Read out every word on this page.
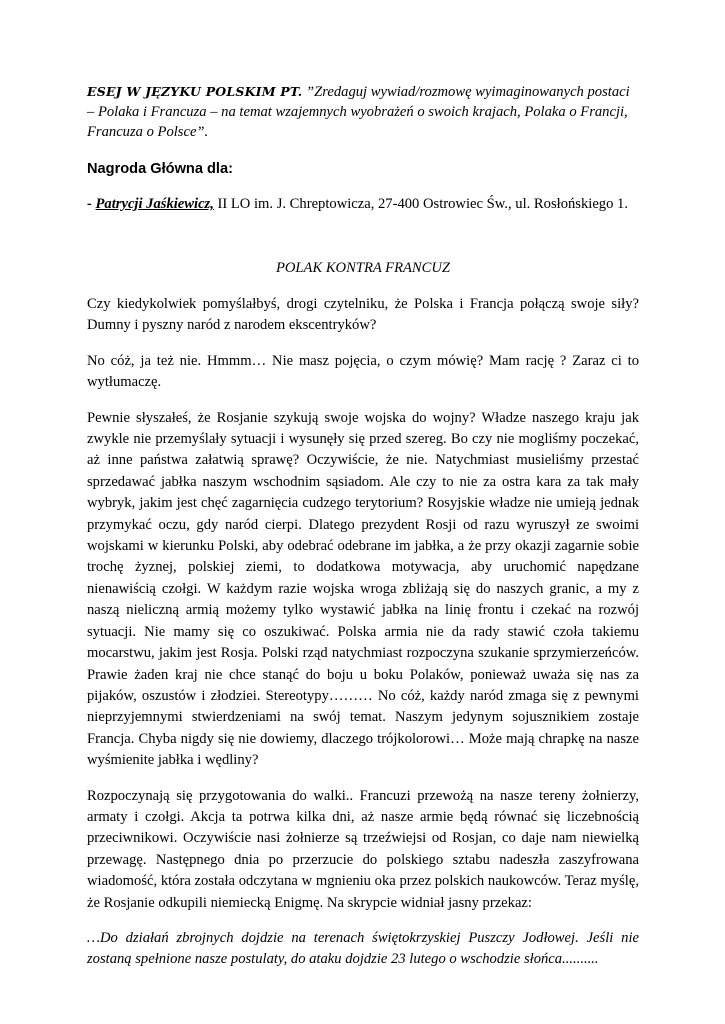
ESEJ W JĘZYKU POLSKIM PT. ”Zredaguj wywiad/rozmowę wyimaginowanych postaci – Polaka i Francuza – na temat wzajemnych wyobrażeń o swoich krajach, Polaka o Francji, Francuza o Polsce”.

Nagroda Główna dla:

- Patrycji Jaśkiewicz, II LO im. J. Chreptowicza, 27-400 Ostrowiec Św., ul. Rosłońskiego 1.

POLAK KONTRA FRANCUZ

Czy kiedykolwiek pomyślałbyś, drogi czytelniku, że Polska i Francja połączą swoje siły? Dumny i pyszny naród z narodem ekscentryków?

No cóż, ja też nie. Hmmm… Nie masz pojęcia, o czym mówię? Mam rację ? Zaraz ci to wytłumaczę.

Pewnie słyszałeś, że Rosjanie szykują swoje wojska do wojny? Władze naszego kraju jak zwykle nie przemyślały sytuacji i wysunęły się przed szereg. Bo czy nie mogliśmy poczekać, aż inne państwa załatwią sprawę? Oczywiście, że nie. Natychmiast musieliśmy przestać sprzedawać jabłka naszym wschodnim sąsiadom. Ale czy to nie za ostra kara za tak mały wybryk, jakim jest chęć zagarnięcia cudzego terytorium? Rosyjskie władze nie umieją jednak przymykać oczu, gdy naród cierpi. Dlatego prezydent Rosji od razu wyruszył ze swoimi wojskami w kierunku Polski, aby odebrać odebrane im jabłka, a że przy okazji zagarnie sobie trochę żyznej, polskiej ziemi, to dodatkowa motywacja, aby uruchomić napędzane nienawiścią czołgi. W każdym razie wojska wroga zbliżają się do naszych granic, a my z naszą nieliczną armią możemy tylko wystawić jabłka na linię frontu i czekać na rozwój sytuacji. Nie mamy się co oszukiwać. Polska armia nie da rady stawić czoła takiemu mocarstwu, jakim jest Rosja. Polski rząd natychmiast rozpoczyna szukanie sprzymierzeńców. Prawie żaden kraj nie chce stanąć do boju u boku Polaków, ponieważ uważa się nas za pijaków, oszustów i złodziei. Stereotypy……… No cóż, każdy naród zmaga się z pewnymi nieprzyjemnymi stwierdzeniami na swój temat. Naszym jedynym sojusznikiem zostaje Francja. Chyba nigdy się nie dowiemy, dlaczego trójkolorowi… Może mają chrapkę na nasze wyśmienite jabłka i wędliny?

Rozpoczynają się przygotowania do walki.. Francuzi przewożą na nasze tereny żołnierzy, armaty i czołgi. Akcja ta potrwa kilka dni, aż nasze armie będą równać się liczebnością przeciwnikowi. Oczywiście nasi żołnierze są trzeźwiejsi od Rosjan, co daje nam niewielką przewagę. Następnego dnia po przerzucie do polskiego sztabu nadeszła zaszyfrowana wiadomość, która została odczytana w mgnieniu oka przez polskich naukowców. Teraz myślę, że Rosjanie odkupili niemiecką Enigmę. Na skrypcie widniał jasny przekaz:

…Do działań zbrojnych dojdzie na terenach świętokrzyskiej Puszczy Jodłowej. Jeśli nie zostaną spełnione nasze postulaty, do ataku dojdzie 23 lutego o wschodzie słońca..........
